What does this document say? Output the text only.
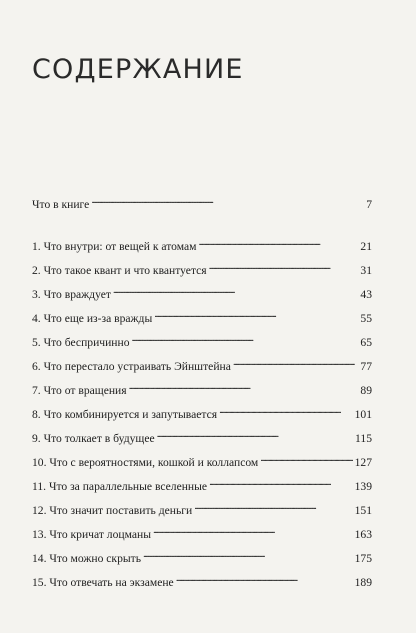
СОДЕРЖАНИЕ
Что в книге . . .	7
1. Что внутри: от вещей к атомам . . .	21
2. Что такое квант и что квантуется . . .	31
3. Что враждует . . .	43
4. Что еще из-за вражды . . .	55
5. Что беспричинно . . .	65
6. Что перестало устраивать Эйнштейна . . .	77
7. Что от вращения . . .	89
8. Что комбинируется и запутывается . . .	101
9. Что толкает в будущее . . .	115
10. Что с вероятностями, кошкой и коллапсом . . .	127
11. Что за параллельные вселенные . . .	139
12. Что значит поставить деньги . . .	151
13. Что кричат лоцманы . . .	163
14. Что можно скрыть . . .	175
15. Что отвечать на экзамене . . .	189
